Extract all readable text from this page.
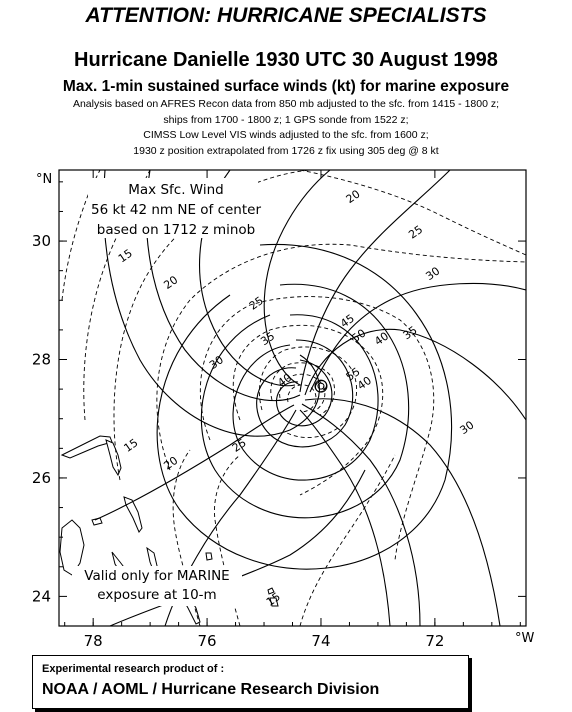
ATTENTION: HURRICANE SPECIALISTS
Hurricane Danielle 1930 UTC 30 August 1998
Max. 1-min sustained surface winds (kt) for marine exposure
Analysis based on AFRES Recon data from 850 mb adjusted to the sfc. from 1415 - 1800 z;
ships from 1700 - 1800 z; 1 GPS sonde from 1522 z;
CIMSS Low Level VIS winds adjusted to the sfc. from 1600 z;
1930 z position extrapolated from 1726 z fix using 305 deg @ 8 kt
78	76	74	72
24
26
28
30
15
20
20
25
25
30
30
35	35
40
40
45
50
55
40
30
25
20
15
15
°N
°W
Max Sfc. Wind
56 kt 42 nm NE of center
based on 1712 z minob
Valid only for MARINE
exposure at 10-m
Experimental research product of :
NOAA / AOML / Hurricane Research Division
